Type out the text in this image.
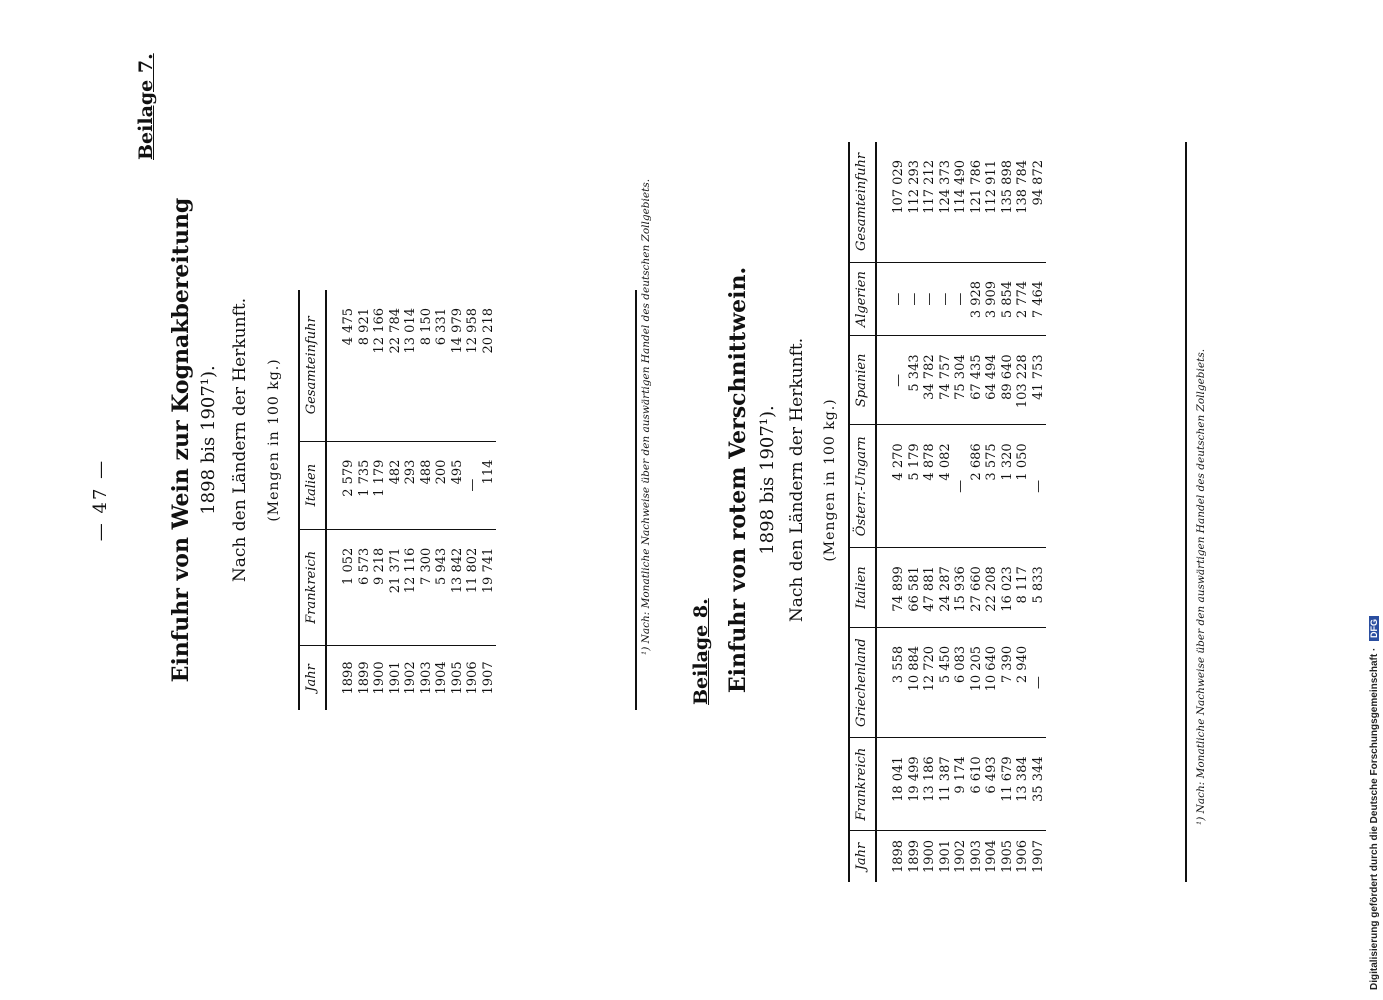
— 47 —
Beilage 7.
Einfuhr von Wein zur Kognakbereitung 1898 bis 1907¹). Nach den Ländern der Herkunft. (Mengen in 100 kg.)
Jahr	Frankreich	Italien	Gesamteinfuhr
1898	1 052	2 579	4 475
1899	6 573	1 735	8 921
1900	9 218	1 179	12 166
1901	21 371	482	22 784
1902	12 116	293	13 014
1903	7 300	488	8 150
1904	5 943	200	6 331
1905	13 842	495	14 979
1906	11 802	—	12 958
1907	19 741	114	20 218	¹) Nach: Monatliche Nachweise über den auswärtigen Handel des deutschen Zollgebiets. Beilage 8. Einfuhr von rotem Verschnittwein. 1898 bis 1907¹). Nach den Ländern der Herkunft. (Mengen in 100 kg.)
Jahr	Frankreich	Griechenland	Italien	Österr.-Ungarn	Spanien	Algerien	Gesamteinfuhr
1898	18 041	3 558	74 899	4 270	—	—	107 029
1899	19 499	10 884	66 581	5 179	5 343	—	112 293
1900	13 186	12 720	47 881	4 878	34 782	—	117 212
1901	11 387	5 450	24 287	4 082	74 757	—	124 373
1902	9 174	6 083	15 936	—	75 304	—	114 490
1903	6 610	10 205	27 660	2 686	67 435	3 928	121 786
1904	6 493	10 640	22 208	3 575	64 494	3 909	112 911
1905	11 679	7 390	16 023	1 320	89 640	5 854	135 898
1906	13 384	2 940	8 117	1 050	103 228	2 774	138 784
1907	35 344	—	5 833	—	41 753	7 464	94 872
¹) Nach: Monatliche Nachweise über den auswärtigen Handel des deutschen Zollgebiets.	Digitalisierung gefördert durch die Deutsche Forschungsgemeinschaft · DFG
